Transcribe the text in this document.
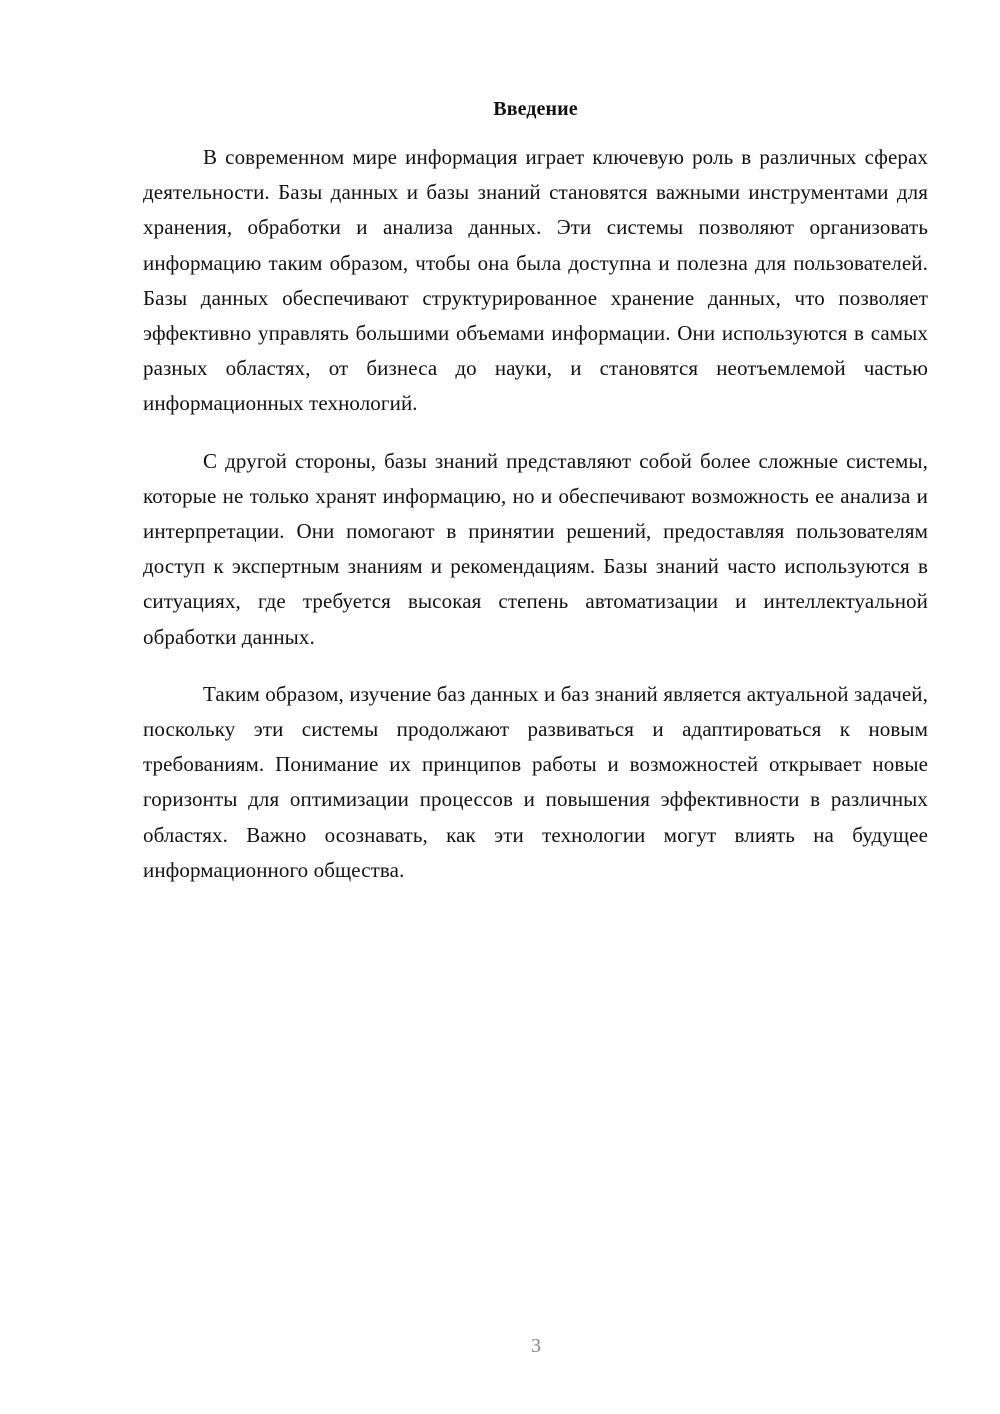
Введение

В современном мире информация играет ключевую роль в различных сферах деятельности. Базы данных и базы знаний становятся важными инструментами для хранения, обработки и анализа данных. Эти системы позволяют организовать информацию таким образом, чтобы она была доступна и полезна для пользователей. Базы данных обеспечивают структурированное хранение данных, что позволяет эффективно управлять большими объемами информации. Они используются в самых разных областях, от бизнеса до науки, и становятся неотъемлемой частью информационных технологий.

С другой стороны, базы знаний представляют собой более сложные системы, которые не только хранят информацию, но и обеспечивают возможность ее анализа и интерпретации. Они помогают в принятии решений, предоставляя пользователям доступ к экспертным знаниям и рекомендациям. Базы знаний часто используются в ситуациях, где требуется высокая степень автоматизации и интеллектуальной обработки данных.

Таким образом, изучение баз данных и баз знаний является актуальной задачей, поскольку эти системы продолжают развиваться и адаптироваться к новым требованиям. Понимание их принципов работы и возможностей открывает новые горизонты для оптимизации процессов и повышения эффективности в различных областях. Важно осознавать, как эти технологии могут влиять на будущее информационного общества.

3
